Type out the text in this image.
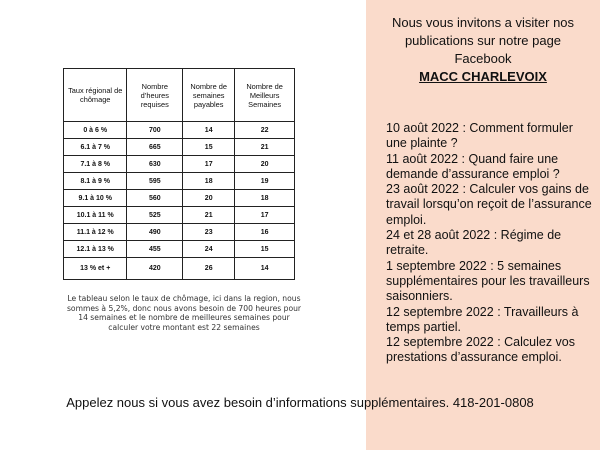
Nous vous invitons a visiter nos
publications sur notre page
Facebook
MACC CHARLEVOIX
10 août 2022 : Comment formuler une plainte ?
11 août 2022 : Quand faire une demande d’assurance emploi ?
23 août 2022 : Calculer vos gains de travail lorsqu’on reçoit de l’assurance emploi.
24 et 28 août 2022 : Régime de retraite.
1 septembre 2022 : 5 semaines supplémentaires pour les travailleurs saisonniers.
12 septembre 2022 : Travailleurs à temps partiel.
12 septembre 2022 : Calculez vos prestations d’assurance emploi.
Taux régional de chômage	Nombre d’heures requises	Nombre de semaines payables	Nombre de Meilleurs Semaines
0 à 6 %	700	14	22
6.1 à 7 %	665	15	21
7.1 à 8 %	630	17	20
8.1 à 9 %	595	18	19
9.1 à 10 %	560	20	18
10.1 à 11 %	525	21	17
11.1 à 12 %	490	23	16
12.1 à 13 %	455	24	15
13 % et +	420	26	14
Le tableau selon le taux de chômage, ici dans la region, nous sommes à 5,2%, donc nous avons besoin de 700 heures pour 14 semaines et le nombre de meilleures semaines pour calculer votre montant est 22 semaines
Appelez nous si vous avez besoin d’informations supplémentaires. 418-201-0808
